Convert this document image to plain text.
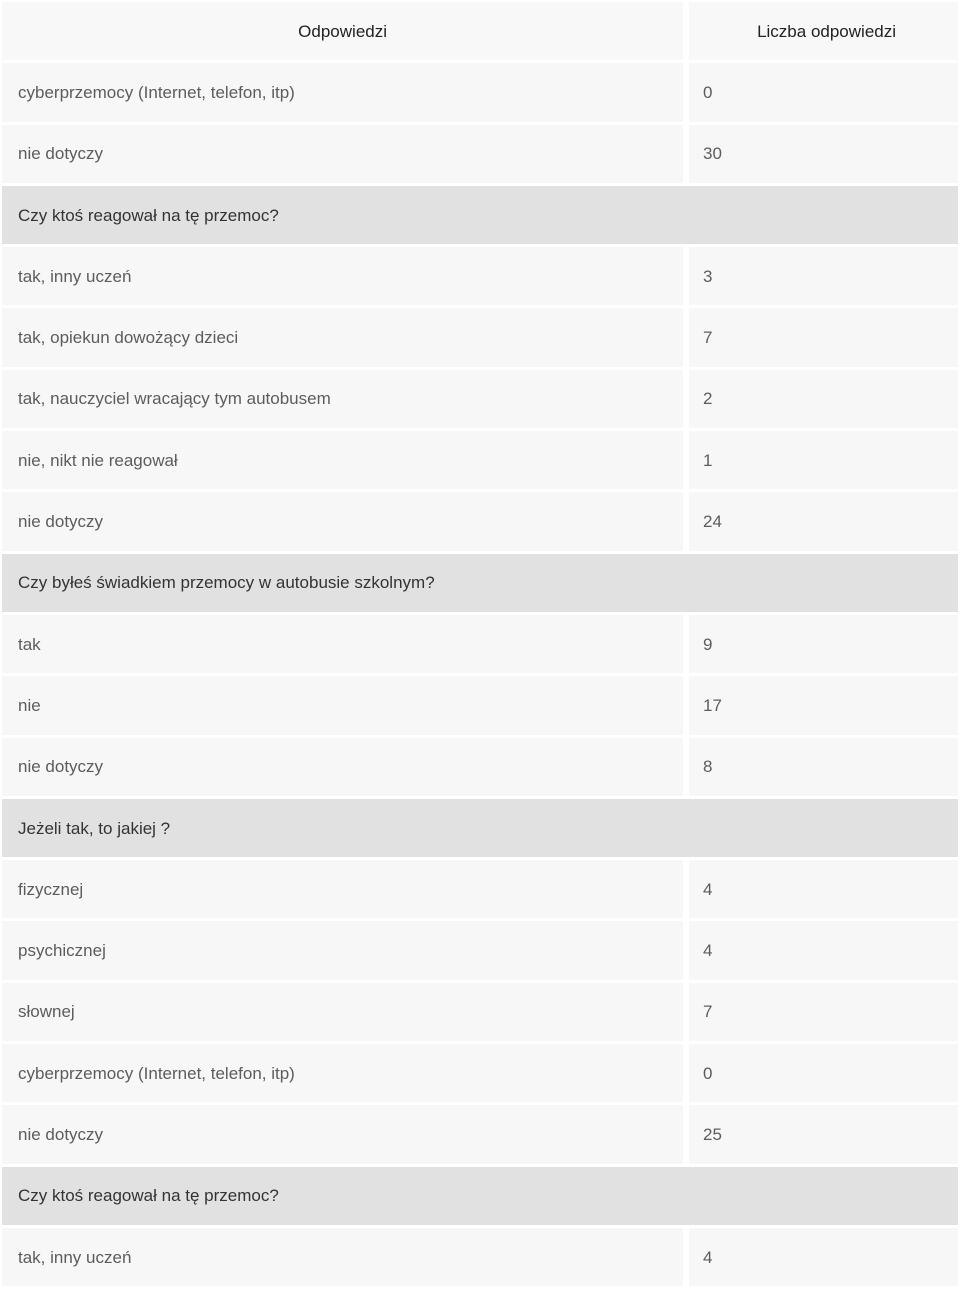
Odpowiedzi	Liczba odpowiedzi
cyberprzemocy (Internet, telefon, itp)	0
nie dotyczy	30
Czy ktoś reagował na tę przemoc?
tak, inny uczeń	3
tak, opiekun dowożący dzieci	7
tak, nauczyciel wracający tym autobusem	2
nie, nikt nie reagował	1
nie dotyczy	24
Czy byłeś świadkiem przemocy w autobusie szkolnym?
tak	9
nie	17
nie dotyczy	8
Jeżeli tak, to jakiej ?
fizycznej	4
psychicznej	4
słownej	7
cyberprzemocy (Internet, telefon, itp)	0
nie dotyczy	25
Czy ktoś reagował na tę przemoc?
tak, inny uczeń	4
